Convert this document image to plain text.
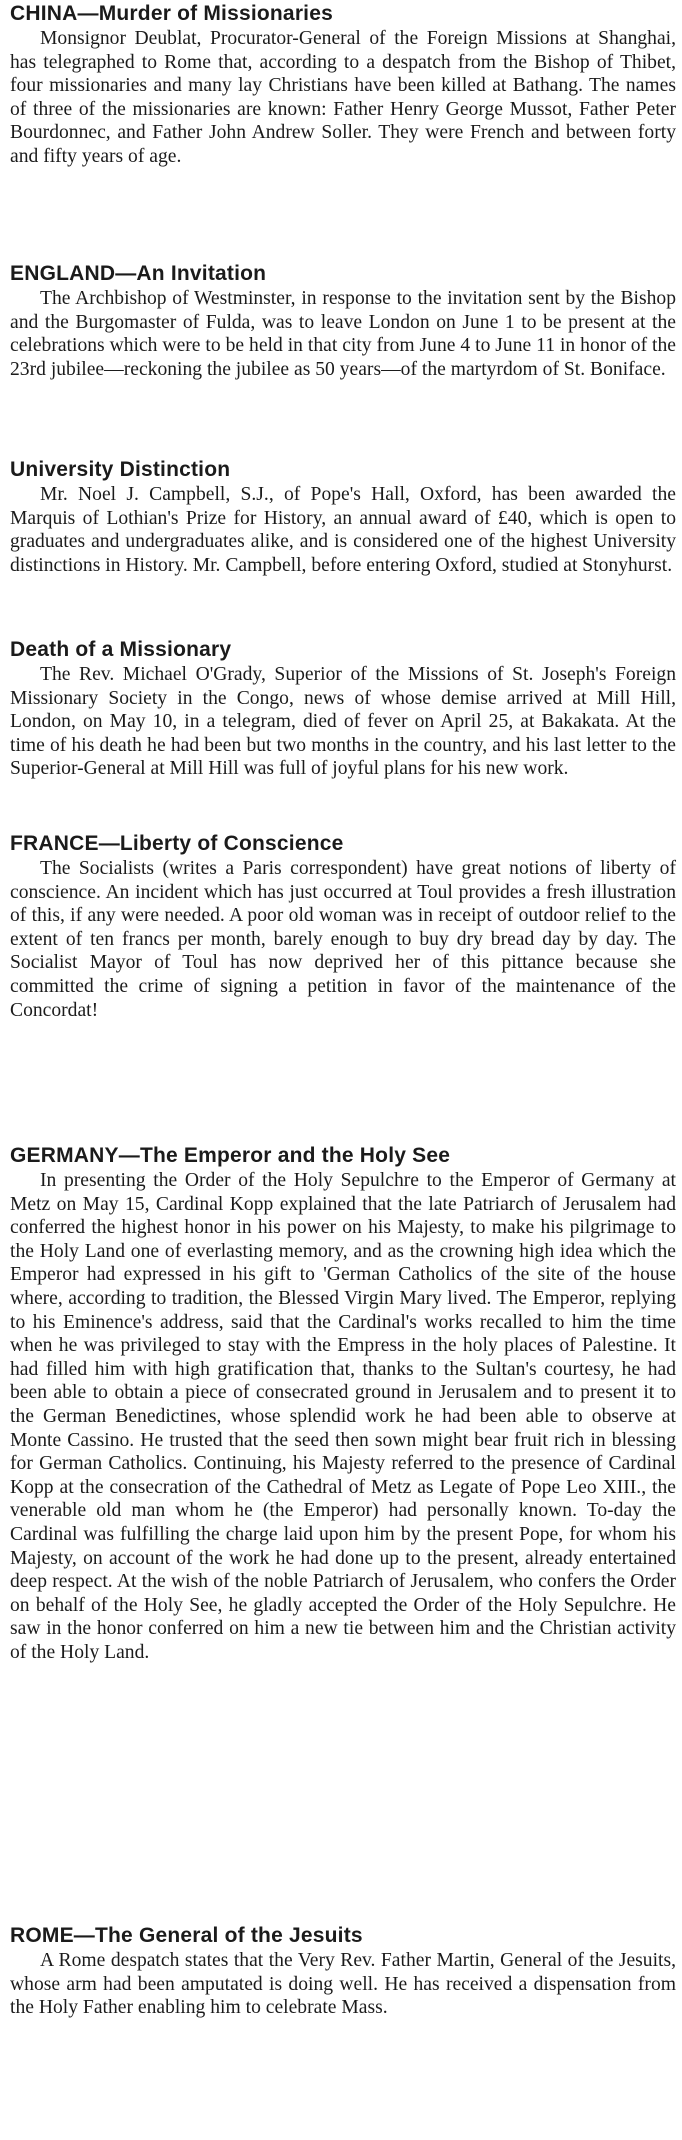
CHINA—Murder of Missionaries

Monsignor Deublat, Procurator-General of the Foreign Missions at Shanghai, has telegraphed to Rome that, according to a despatch from the Bishop of Thibet, four missionaries and many lay Christians have been killed at Bathang. The names of three of the missionaries are known: Father Henry George Mussot, Father Peter Bourdonnec, and Father John Andrew Soller. They were French and between forty and fifty years of age.

ENGLAND—An Invitation

The Archbishop of Westminster, in response to the invitation sent by the Bishop and the Burgomaster of Fulda, was to leave London on June 1 to be present at the celebrations which were to be held in that city from June 4 to June 11 in honor of the 23rd jubilee—reckoning the jubilee as 50 years—of the martyrdom of St. Boniface.

University Distinction

Mr. Noel J. Campbell, S.J., of Pope's Hall, Oxford, has been awarded the Marquis of Lothian's Prize for History, an annual award of £40, which is open to graduates and undergraduates alike, and is considered one of the highest University distinctions in History. Mr. Campbell, before entering Oxford, studied at Stonyhurst.

Death of a Missionary

The Rev. Michael O'Grady, Superior of the Missions of St. Joseph's Foreign Missionary Society in the Congo, news of whose demise arrived at Mill Hill, London, on May 10, in a telegram, died of fever on April 25, at Bakakata. At the time of his death he had been but two months in the country, and his last letter to the Superior-General at Mill Hill was full of joyful plans for his new work.

FRANCE—Liberty of Conscience

The Socialists (writes a Paris correspondent) have great notions of liberty of conscience. An incident which has just occurred at Toul provides a fresh illustration of this, if any were needed. A poor old woman was in receipt of outdoor relief to the extent of ten francs per month, barely enough to buy dry bread day by day. The Socialist Mayor of Toul has now deprived her of this pittance because she committed the crime of signing a petition in favor of the maintenance of the Concordat!

GERMANY—The Emperor and the Holy See

In presenting the Order of the Holy Sepulchre to the Emperor of Germany at Metz on May 15, Cardinal Kopp explained that the late Patriarch of Jerusalem had conferred the highest honor in his power on his Majesty, to make his pilgrimage to the Holy Land one of everlasting memory, and as the crowning high idea which the Emperor had expressed in his gift to 'German Catholics of the site of the house where, according to tradition, the Blessed Virgin Mary lived. The Emperor, replying to his Eminence's address, said that the Cardinal's works recalled to him the time when he was privileged to stay with the Empress in the holy places of Palestine. It had filled him with high gratification that, thanks to the Sultan's courtesy, he had been able to obtain a piece of consecrated ground in Jerusalem and to present it to the German Benedictines, whose splendid work he had been able to observe at Monte Cassino. He trusted that the seed then sown might bear fruit rich in blessing for German Catholics. Continuing, his Majesty referred to the presence of Cardinal Kopp at the consecration of the Cathedral of Metz as Legate of Pope Leo XIII., the venerable old man whom he (the Emperor) had personally known. To-day the Cardinal was fulfilling the charge laid upon him by the present Pope, for whom his Majesty, on account of the work he had done up to the present, already entertained deep respect. At the wish of the noble Patriarch of Jerusalem, who confers the Order on behalf of the Holy See, he gladly accepted the Order of the Holy Sepulchre. He saw in the honor conferred on him a new tie between him and the Christian activity of the Holy Land.

ROME—The General of the Jesuits

A Rome despatch states that the Very Rev. Father Martin, General of the Jesuits, whose arm had been amputated is doing well. He has received a dispensation from the Holy Father enabling him to celebrate Mass.
